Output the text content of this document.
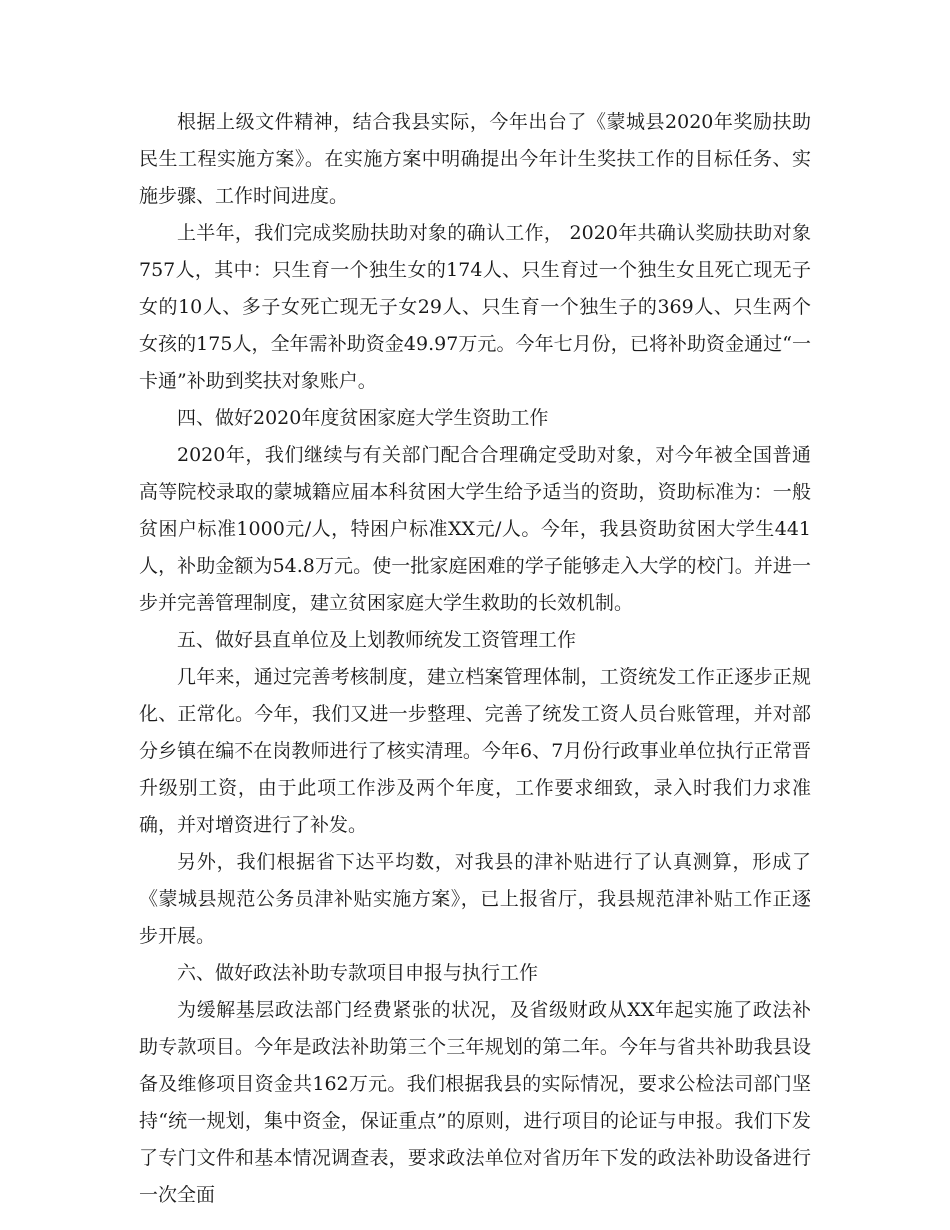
根据上级文件精神，结合我县实际，今年出台了《蒙城县2020年奖励扶助民生工程实施方案》。在实施方案中明确提出今年计生奖扶工作的目标任务、实施步骤、工作时间进度。

上半年，我们完成奖励扶助对象的确认工作， 2020年共确认奖励扶助对象757人，其中：只生育一个独生女的174人、只生育过一个独生女且死亡现无子女的10人、多子女死亡现无子女29人、只生育一个独生子的369人、只生两个女孩的175人，全年需补助资金49.97万元。今年七月份，已将补助资金通过“一卡通”补助到奖扶对象账户。

四、做好2020年度贫困家庭大学生资助工作

2020年，我们继续与有关部门配合合理确定受助对象，对今年被全国普通高等院校录取的蒙城籍应届本科贫困大学生给予适当的资助，资助标准为：一般贫困户标准1000元/人，特困户标准XX元/人。今年，我县资助贫困大学生441人，补助金额为54.8万元。使一批家庭困难的学子能够走入大学的校门。并进一步并完善管理制度，建立贫困家庭大学生救助的长效机制。

五、做好县直单位及上划教师统发工资管理工作

几年来，通过完善考核制度，建立档案管理体制，工资统发工作正逐步正规化、正常化。今年，我们又进一步整理、完善了统发工资人员台账管理，并对部分乡镇在编不在岗教师进行了核实清理。今年6、7月份行政事业单位执行正常晋升级别工资，由于此项工作涉及两个年度，工作要求细致，录入时我们力求准确，并对增资进行了补发。

另外，我们根据省下达平均数，对我县的津补贴进行了认真测算，形成了《蒙城县规范公务员津补贴实施方案》，已上报省厅，我县规范津补贴工作正逐步开展。

六、做好政法补助专款项目申报与执行工作

为缓解基层政法部门经费紧张的状况，及省级财政从XX年起实施了政法补助专款项目。今年是政法补助第三个三年规划的第二年。今年与省共补助我县设备及维修项目资金共162万元。我们根据我县的实际情况，要求公检法司部门坚持“统一规划，集中资金，保证重点”的原则，进行项目的论证与申报。我们下发了专门文件和基本情况调查表，要求政法单位对省历年下发的政法补助设备进行一次全面
